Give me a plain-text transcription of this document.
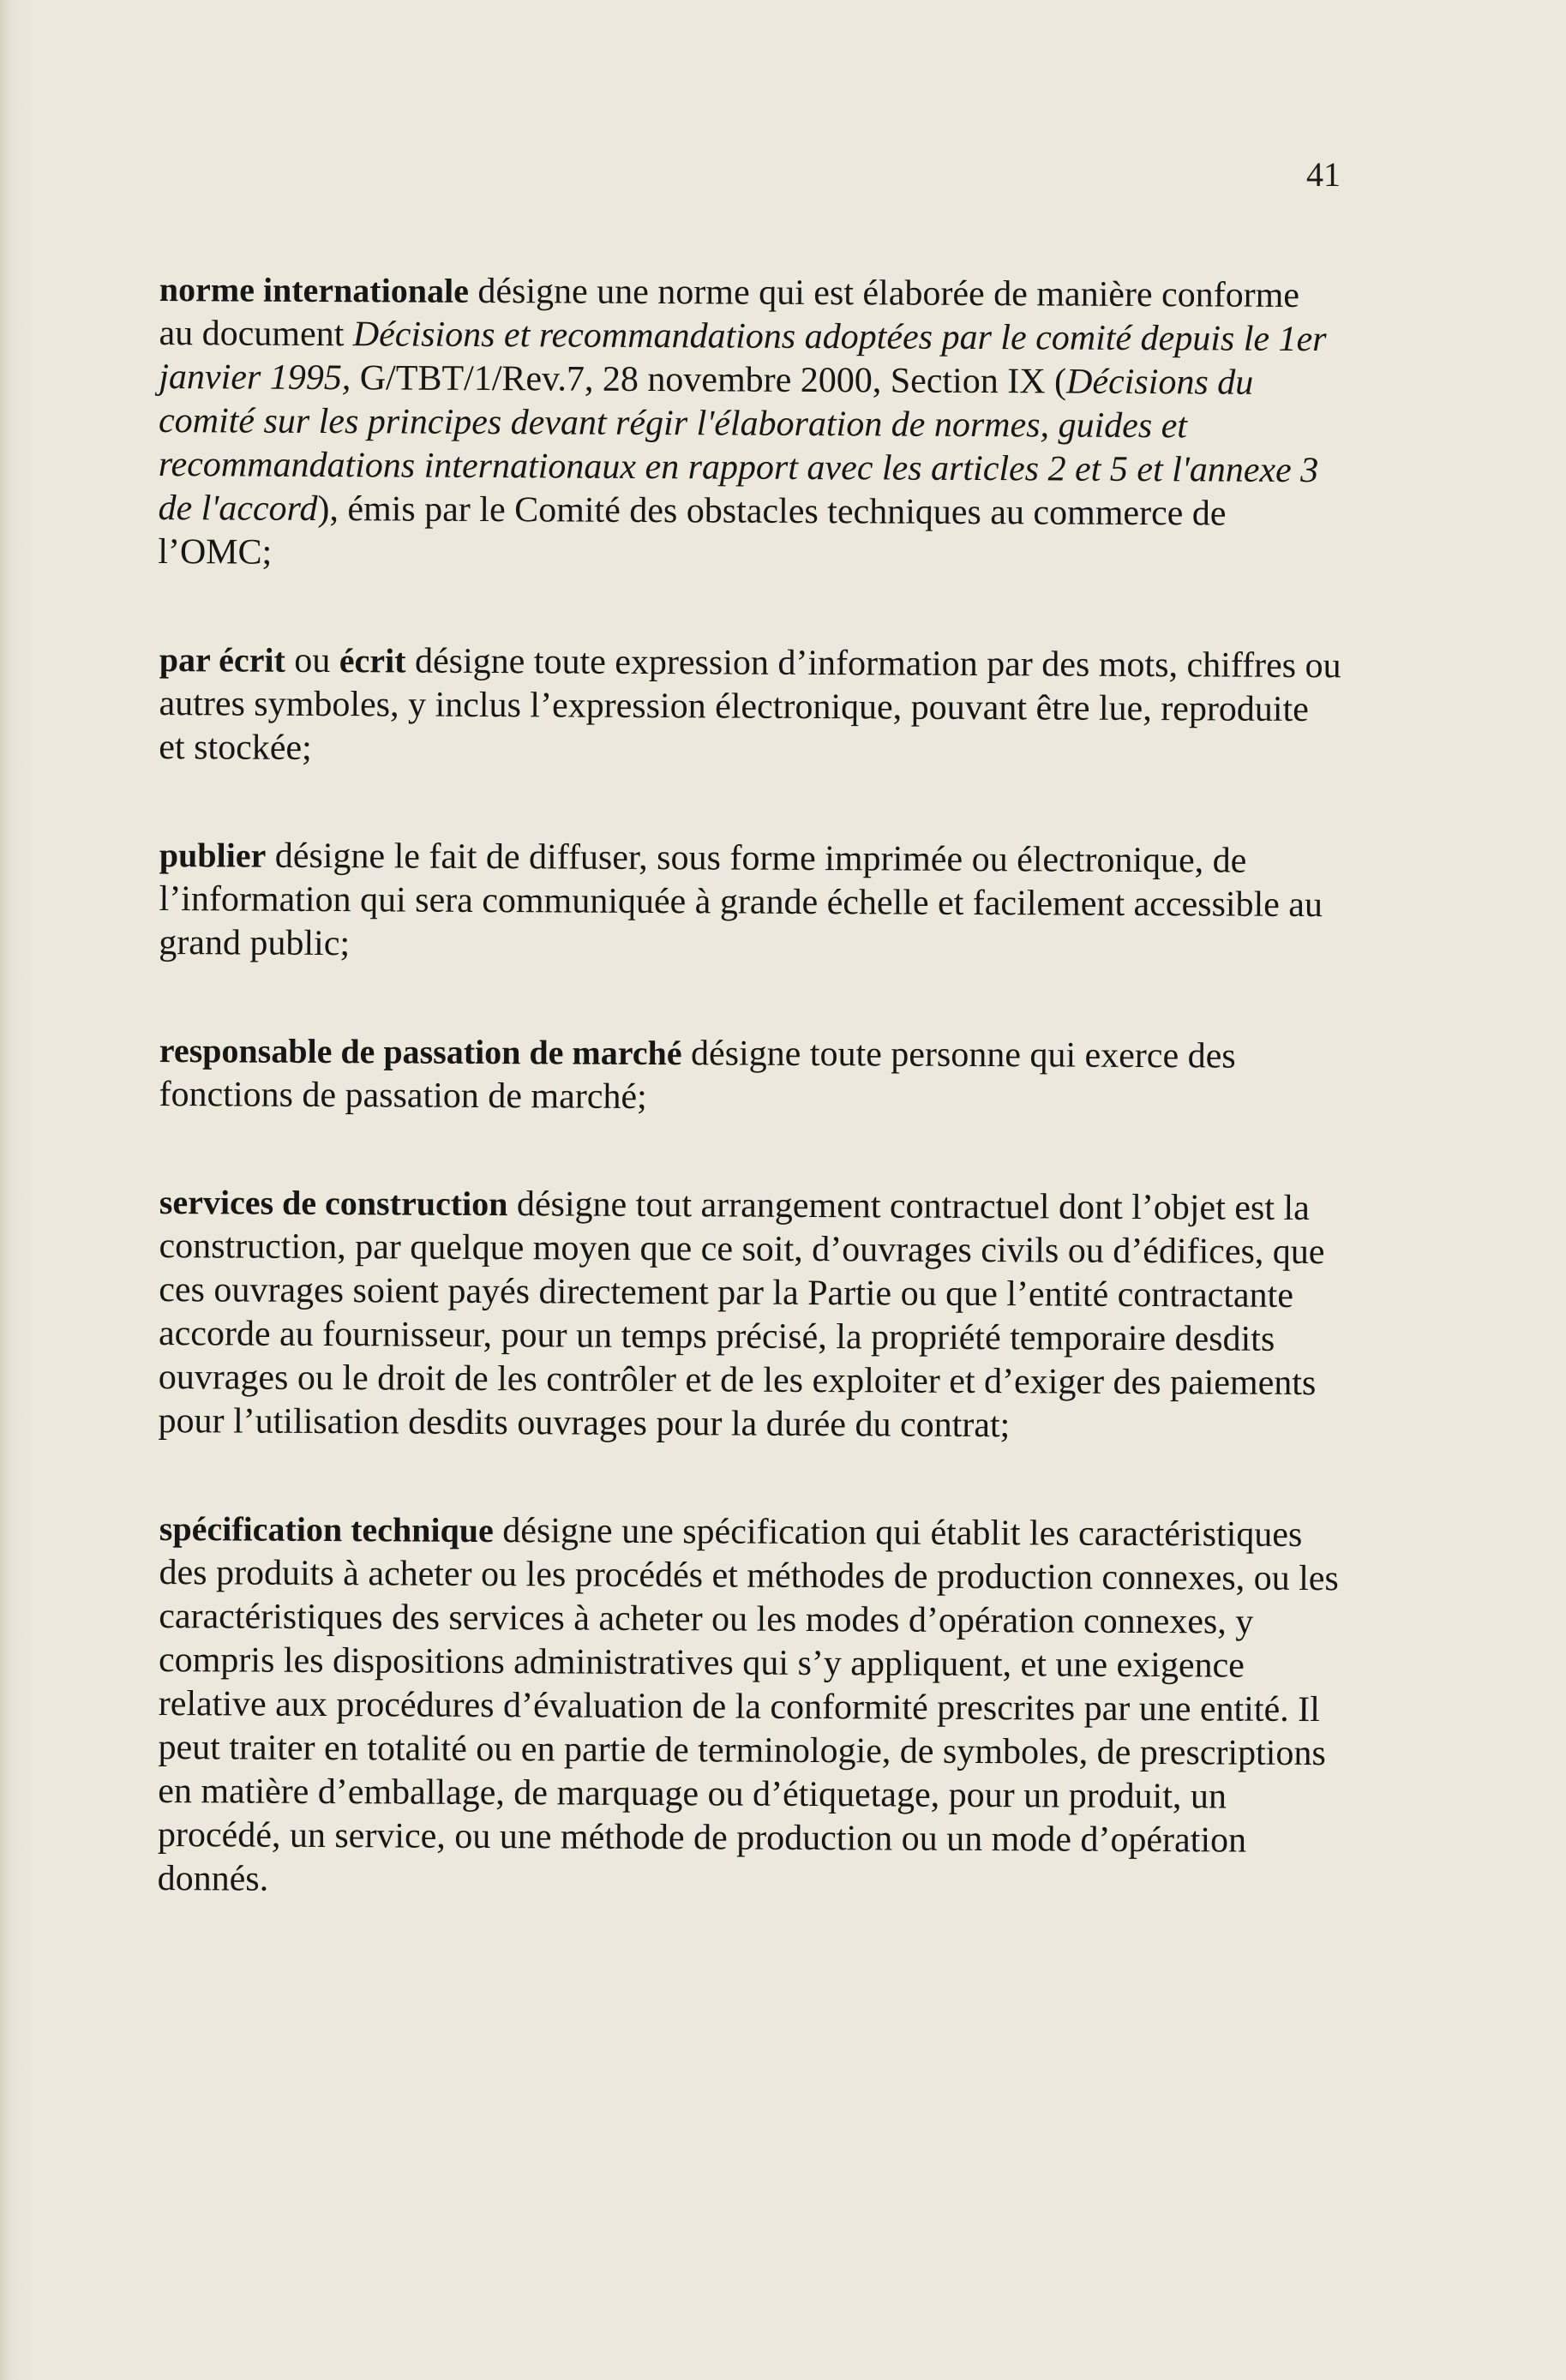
41

norme internationale désigne une norme qui est élaborée de manière conforme au document Décisions et recommandations adoptées par le comité depuis le 1er janvier 1995, G/TBT/1/Rev.7, 28 novembre 2000, Section IX (Décisions du comité sur les principes devant régir l'élaboration de normes, guides et recommandations internationaux en rapport avec les articles 2 et 5 et l'annexe 3 de l'accord), émis par le Comité des obstacles techniques au commerce de l’OMC;

par écrit ou écrit désigne toute expression d’information par des mots, chiffres ou autres symboles, y inclus l’expression électronique, pouvant être lue, reproduite et stockée;

publier désigne le fait de diffuser, sous forme imprimée ou électronique, de l’information qui sera communiquée à grande échelle et facilement accessible au grand public;

responsable de passation de marché désigne toute personne qui exerce des fonctions de passation de marché;

services de construction désigne tout arrangement contractuel dont l’objet est la construction, par quelque moyen que ce soit, d’ouvrages civils ou d’édifices, que ces ouvrages soient payés directement par la Partie ou que l’entité contractante accorde au fournisseur, pour un temps précisé, la propriété temporaire desdits ouvrages ou le droit de les contrôler et de les exploiter et d’exiger des paiements pour l’utilisation desdits ouvrages pour la durée du contrat;

spécification technique désigne une spécification qui établit les caractéristiques des produits à acheter ou les procédés et méthodes de production connexes, ou les caractéristiques des services à acheter ou les modes d’opération connexes, y compris les dispositions administratives qui s’y appliquent, et une exigence relative aux procédures d’évaluation de la conformité prescrites par une entité. Il peut traiter en totalité ou en partie de terminologie, de symboles, de prescriptions en matière d’emballage, de marquage ou d’étiquetage, pour un produit, un procédé, un service, ou une méthode de production ou un mode d’opération donnés.
